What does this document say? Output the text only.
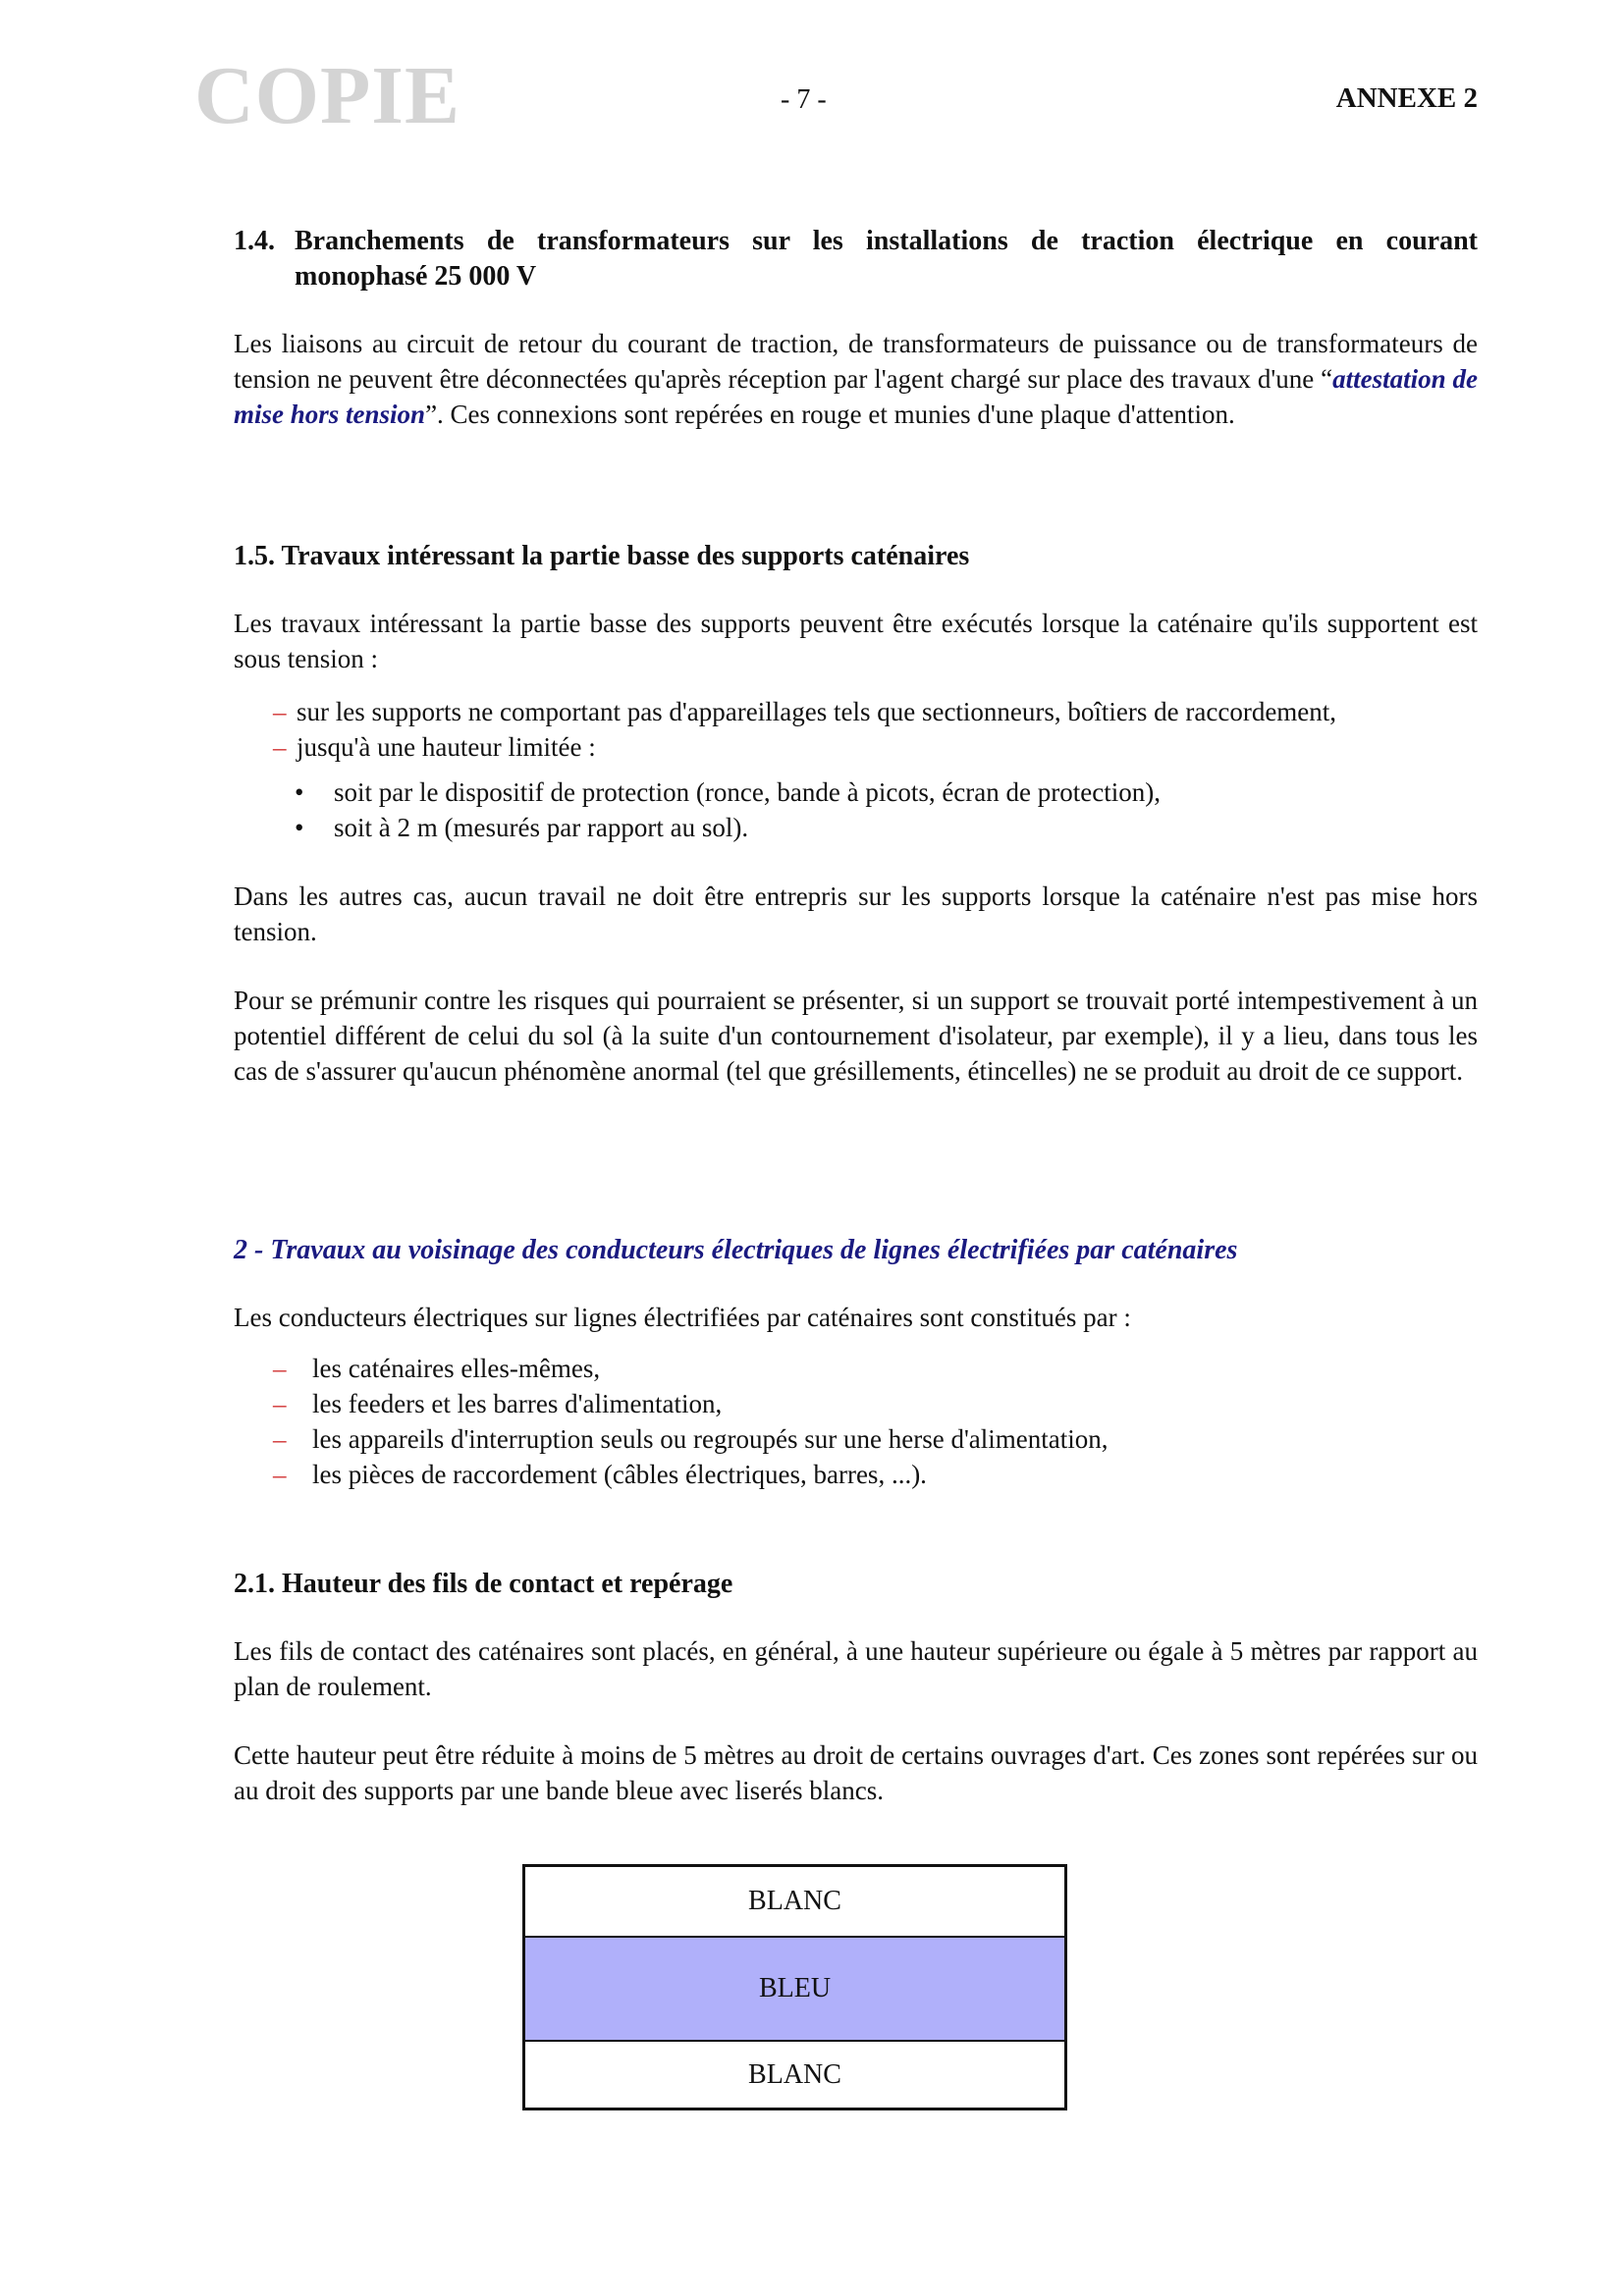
COPIE	- 7 -	ANNEXE 2
1.4. Branchements de transformateurs sur les installations de traction électrique en courant
monophasé 25 000 V

Les liaisons au circuit de retour du courant de traction, de transformateurs de puissance ou de transformateurs de tension ne peuvent être déconnectées qu'après réception par l'agent chargé sur place des travaux d'une “attestation de mise hors tension”. Ces connexions sont repérées en rouge et munies d'une plaque d'attention.

1.5. Travaux intéressant la partie basse des supports caténaires

Les travaux intéressant la partie basse des supports peuvent être exécutés lorsque la caténaire qu'ils supportent est sous tension :

– sur les supports ne comportant pas d'appareillages tels que sectionneurs, boîtiers de raccordement,
– jusqu'à une hauteur limitée :
• soit par le dispositif de protection (ronce, bande à picots, écran de protection),
• soit à 2 m (mesurés par rapport au sol).

Dans les autres cas, aucun travail ne doit être entrepris sur les supports lorsque la caténaire n'est pas mise hors tension.

Pour se prémunir contre les risques qui pourraient se présenter, si un support se trouvait porté intempestivement à un potentiel différent de celui du sol (à la suite d'un contournement d'isolateur, par exemple), il y a lieu, dans tous les cas de s'assurer qu'aucun phénomène anormal (tel que grésillements, étincelles) ne se produit au droit de ce support.

2 - Travaux au voisinage des conducteurs électriques de lignes électrifiées par caténaires

Les conducteurs électriques sur lignes électrifiées par caténaires sont constitués par :

– les caténaires elles-mêmes,
– les feeders et les barres d'alimentation,
– les appareils d'interruption seuls ou regroupés sur une herse d'alimentation,
– les pièces de raccordement (câbles électriques, barres, ...).
2.1. Hauteur des fils de contact et repérage

Les fils de contact des caténaires sont placés, en général, à une hauteur supérieure ou égale à 5 mètres par rapport au plan de roulement.

Cette hauteur peut être réduite à moins de 5 mètres au droit de certains ouvrages d'art. Ces zones sont repérées sur ou au droit des supports par une bande bleue avec liserés blancs.

BLANC
BLEU
BLANC
